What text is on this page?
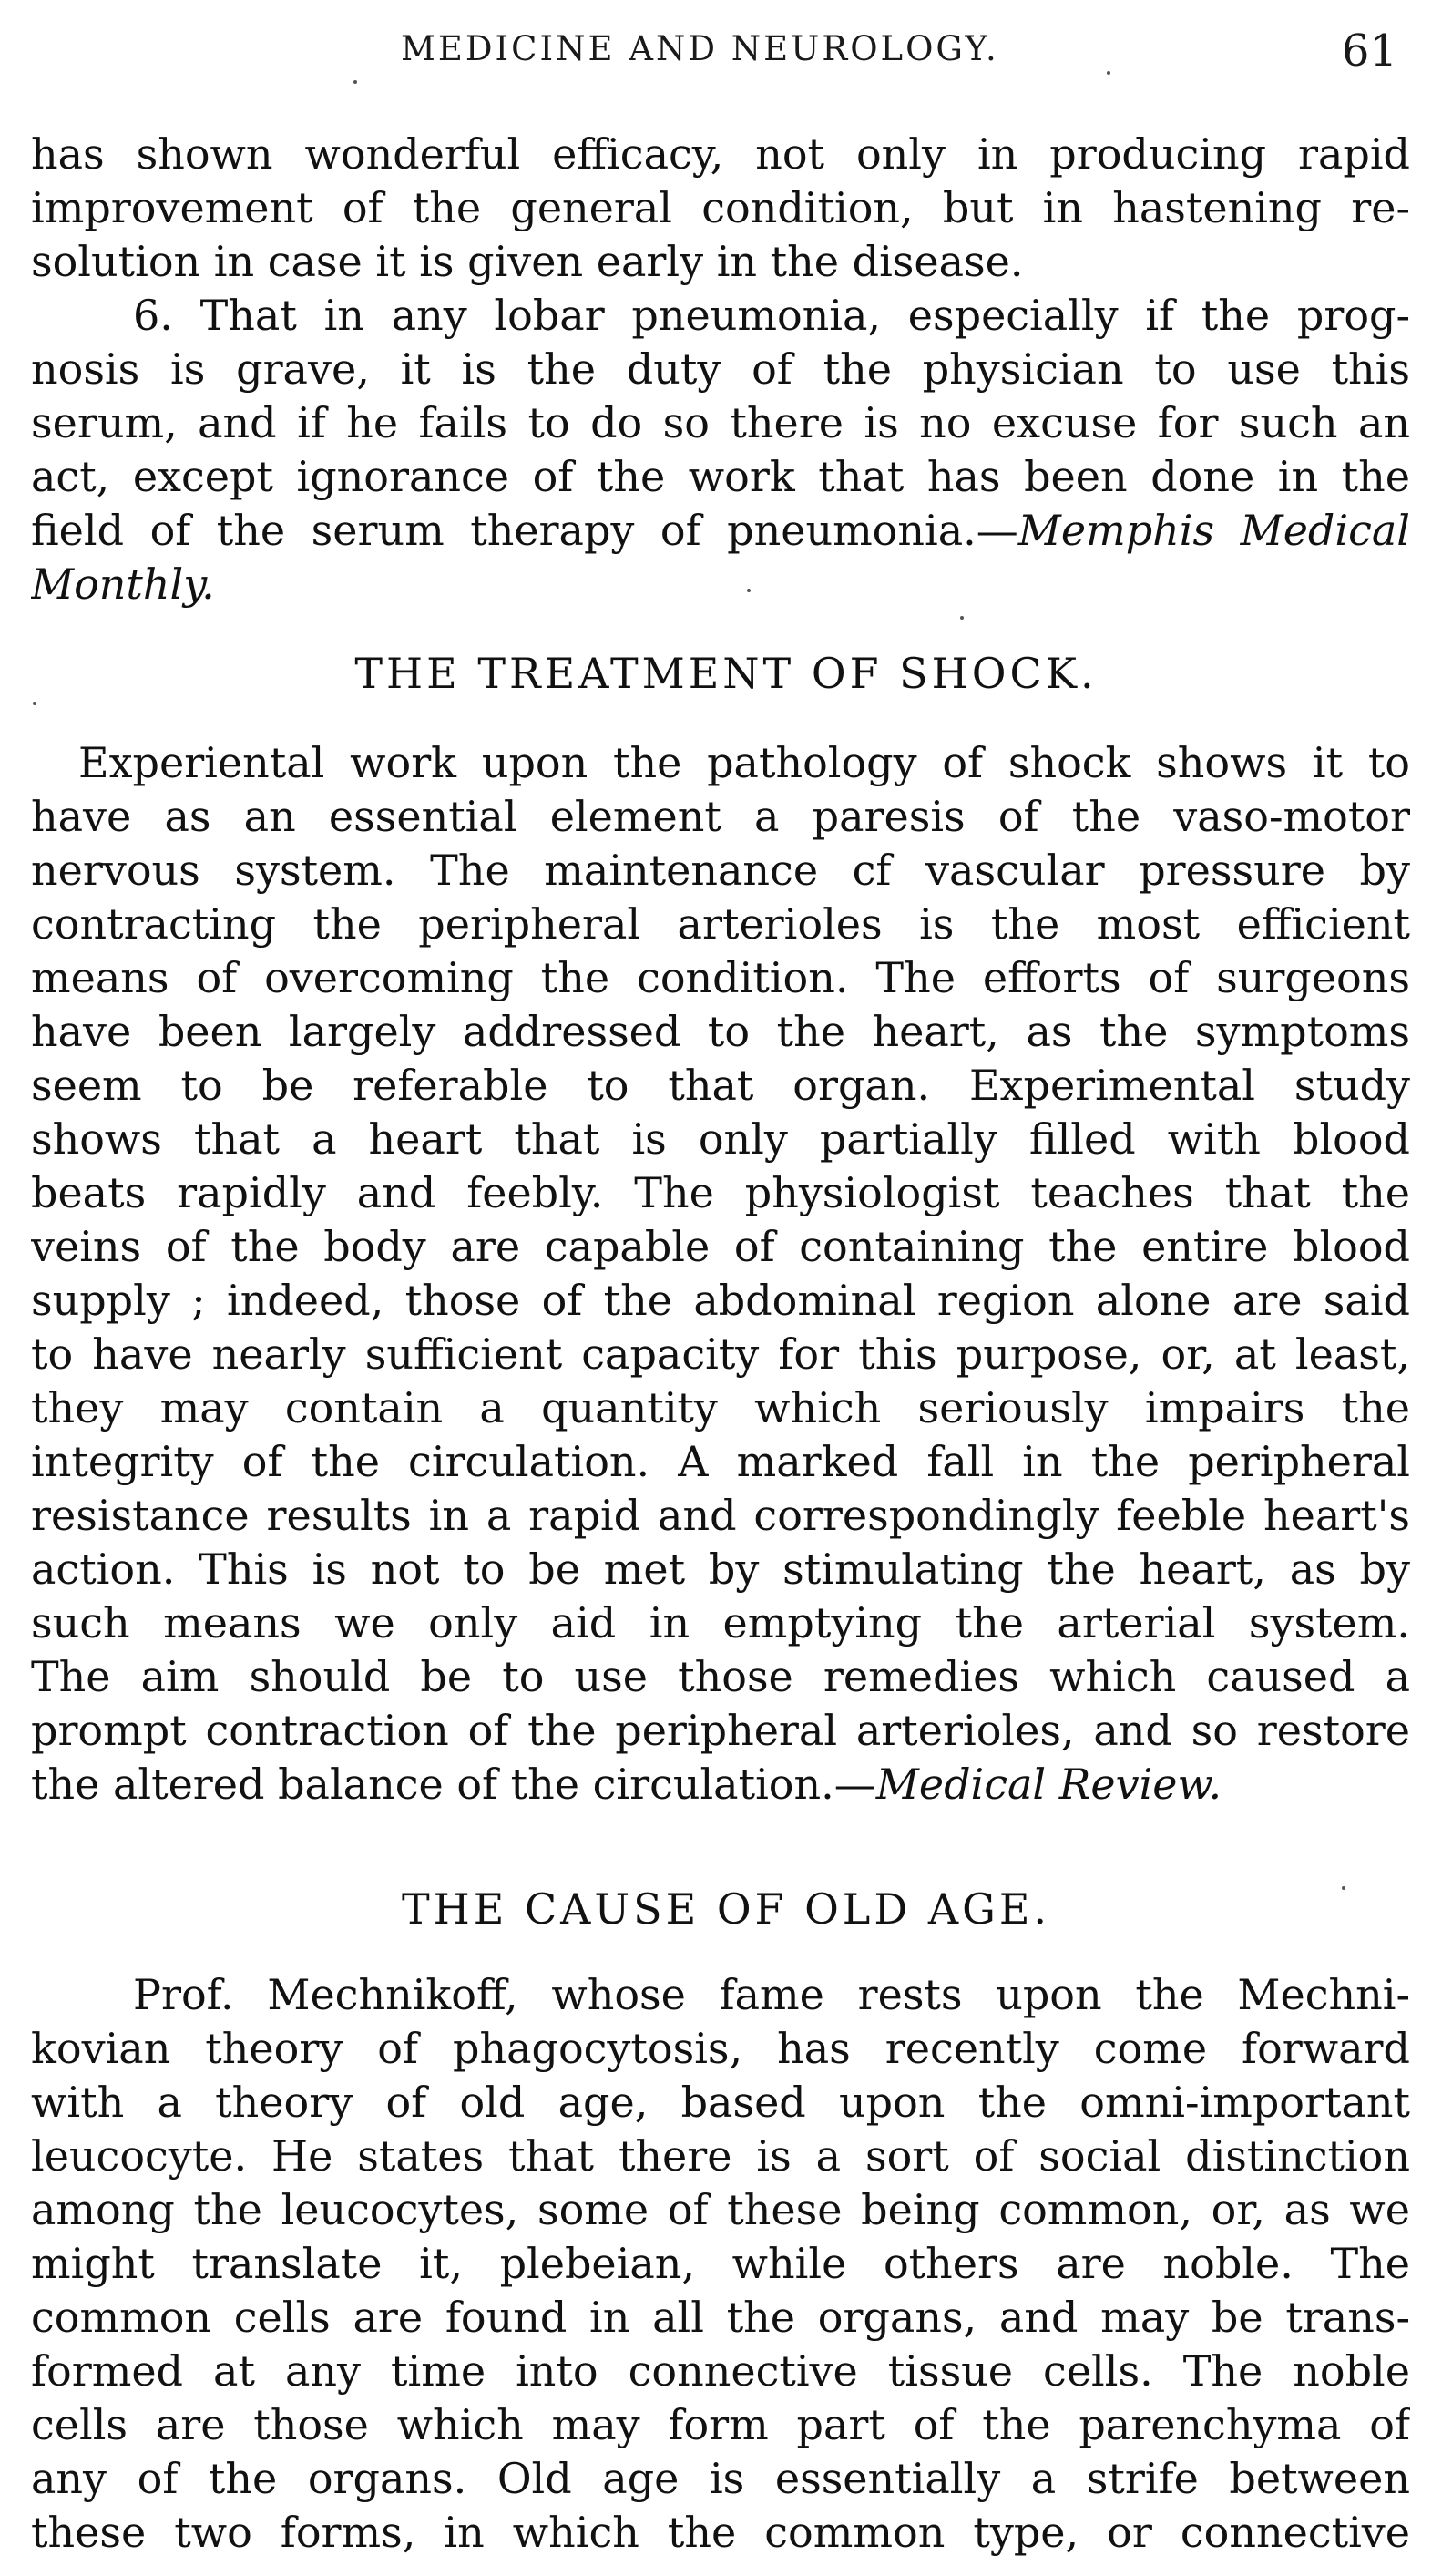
MEDICINE AND NEUROLOGY.	61
has shown wonderful efficacy, not only in producing rapid
improvement of the general condition, but in hastening re-
solution in case it is given early in the disease.
6. That in any lobar pneumonia, especially if the prog-
nosis is grave, it is the duty of the physician to use this
serum, and if he fails to do so there is no excuse for such an
act, except ignorance of the work that has been done in the
field of the serum therapy of pneumonia.—Memphis Medical
Monthly.
THE TREATMENT OF SHOCK.
Experiental work upon the pathology of shock shows it to
have as an essential element a paresis of the vaso-motor
nervous system. The maintenance cf vascular pressure by
contracting the peripheral arterioles is the most efficient
means of overcoming the condition. The efforts of surgeons
have been largely addressed to the heart, as the symptoms
seem to be referable to that organ. Experimental study
shows that a heart that is only partially filled with blood
beats rapidly and feebly. The physiologist teaches that the
veins of the body are capable of containing the entire blood
supply ; indeed, those of the abdominal region alone are said
to have nearly sufficient capacity for this purpose, or, at least,
they may contain a quantity which seriously impairs the
integrity of the circulation. A marked fall in the peripheral
resistance results in a rapid and correspondingly feeble heart's
action. This is not to be met by stimulating the heart, as by
such means we only aid in emptying the arterial system.
The aim should be to use those remedies which caused a
prompt contraction of the peripheral arterioles, and so restore
the altered balance of the circulation.—Medical Review.
THE CAUSE OF OLD AGE.
Prof. Mechnikoff, whose fame rests upon the Mechni-
kovian theory of phagocytosis, has recently come forward
with a theory of old age, based upon the omni-important
leucocyte. He states that there is a sort of social distinction
among the leucocytes, some of these being common, or, as we
might translate it, plebeian, while others are noble. The
common cells are found in all the organs, and may be trans-
formed at any time into connective tissue cells. The noble
cells are those which may form part of the parenchyma of
any of the organs. Old age is essentially a strife between
these two forms, in which the common type, or connective
